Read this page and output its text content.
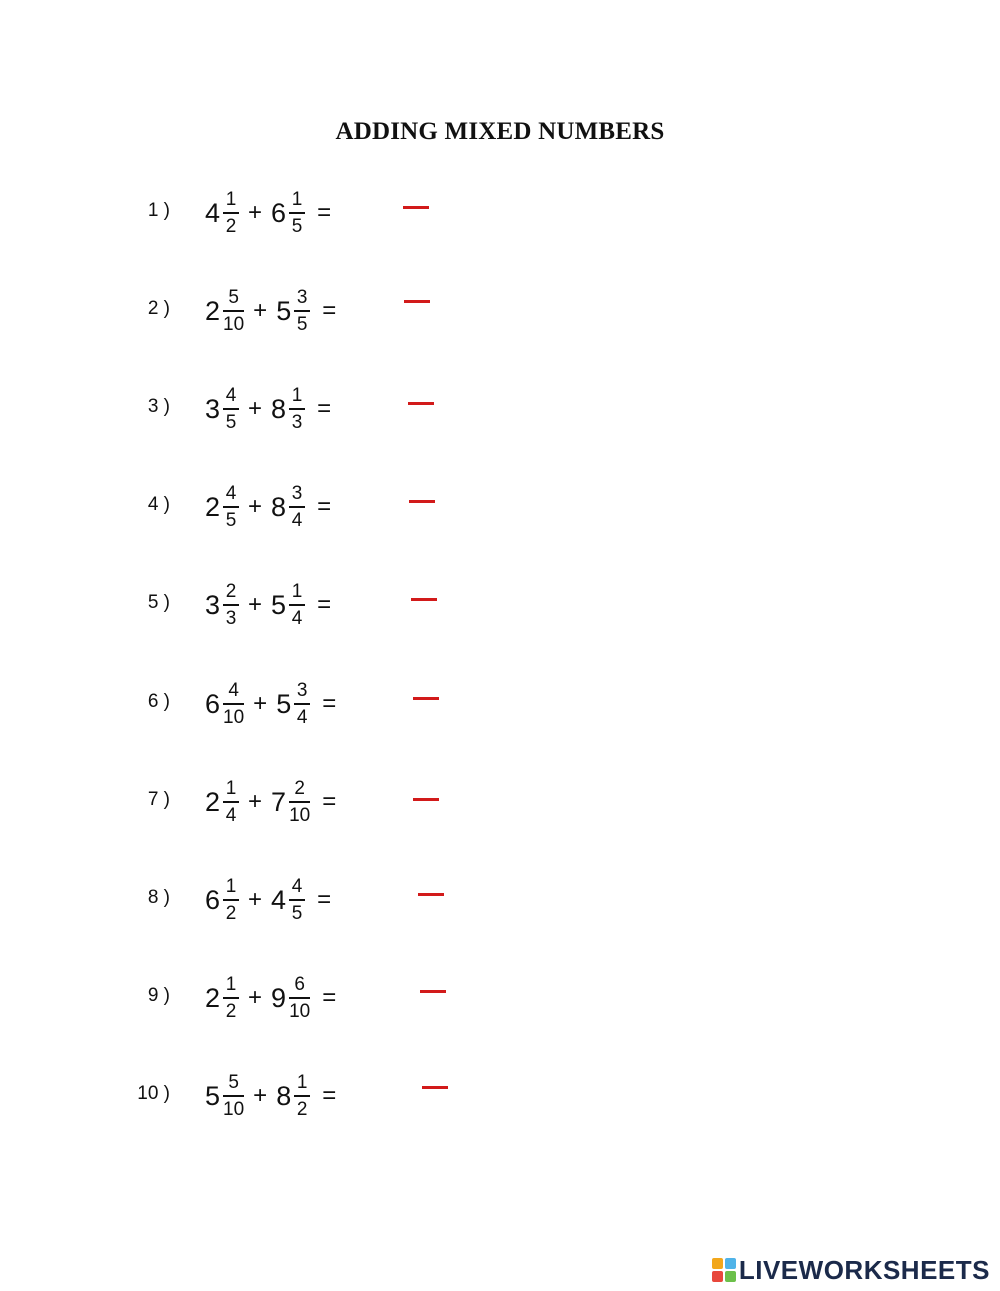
ADDING MIXED NUMBERS
1 ) $4 \frac{1}{2} + 6 \frac{1}{5}$ =
2 ) $2 \frac{5}{10} + 5 \frac{3}{5}$ =
3 ) $3 \frac{4}{5} + 8 \frac{1}{3}$ =
4 ) $2 \frac{4}{5} + 8 \frac{3}{4}$ =
5 ) $3 \frac{2}{3} + 5 \frac{1}{4}$ =
6 ) $6 \frac{4}{10} + 5 \frac{3}{4}$ =
7 ) $2 \frac{1}{4} + 7 \frac{2}{10}$ =
8 ) $6 \frac{1}{2} + 4 \frac{4}{5}$ =
9 ) $2 \frac{1}{2} + 9 \frac{6}{10}$ =
10 ) $5 \frac{5}{10} + 8 \frac{1}{2}$ =
LIVEWORKSHEETS
